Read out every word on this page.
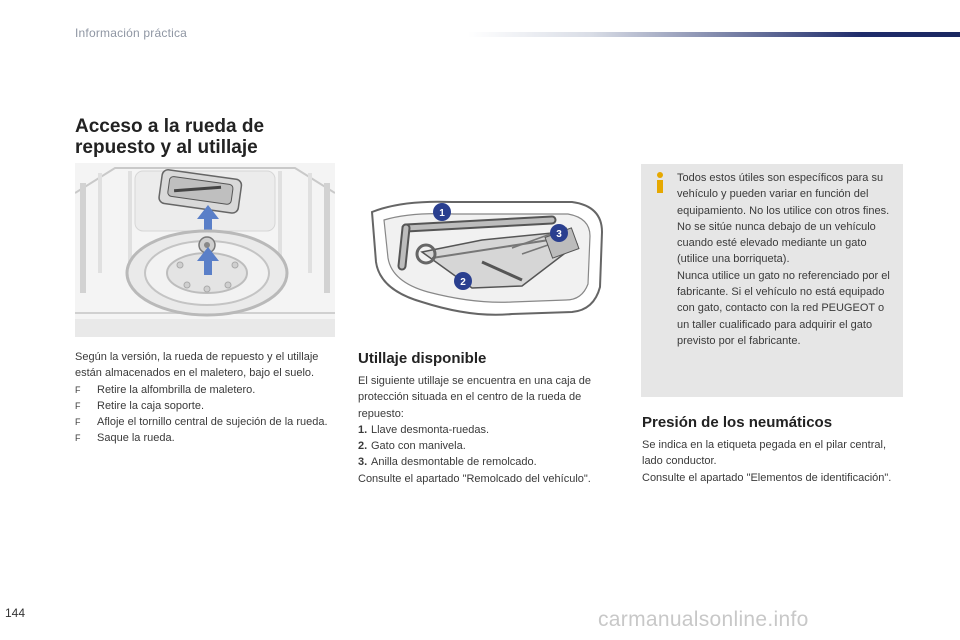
Información práctica
Acceso a la rueda de
repuesto y al utillaje
1
2
3

Según la versión, la rueda de repuesto y el utillaje están almacenados en el maletero, bajo el suelo.

F	Retire la alfombrilla de maletero.
F	Retire la caja soporte.
F	Afloje el tornillo central de sujeción de la rueda.
F	Saque la rueda.
Utillaje disponible

El siguiente utillaje se encuentra en una caja de protección situada en el centro de la rueda de repuesto:

1. Llave desmonta-ruedas.
2. Gato con manivela.
3. Anilla desmontable de remolcado.

Consulte el apartado "Remolcado del vehículo".

Todos estos útiles son específicos para su vehículo y pueden variar en función del equipamiento. No los utilice con otros fines.

No se sitúe nunca debajo de un vehículo cuando esté elevado mediante un gato (utilice una borriqueta).

Nunca utilice un gato no referenciado por el fabricante. Si el vehículo no está equipado con gato, contacto con la red PEUGEOT o un taller cualificado para adquirir el gato previsto por el fabricante.

Presión de los neumáticos

Se indica en la etiqueta pegada en el pilar central, lado conductor.

Consulte el apartado "Elementos de identificación".

144	carmanualsonline.info
